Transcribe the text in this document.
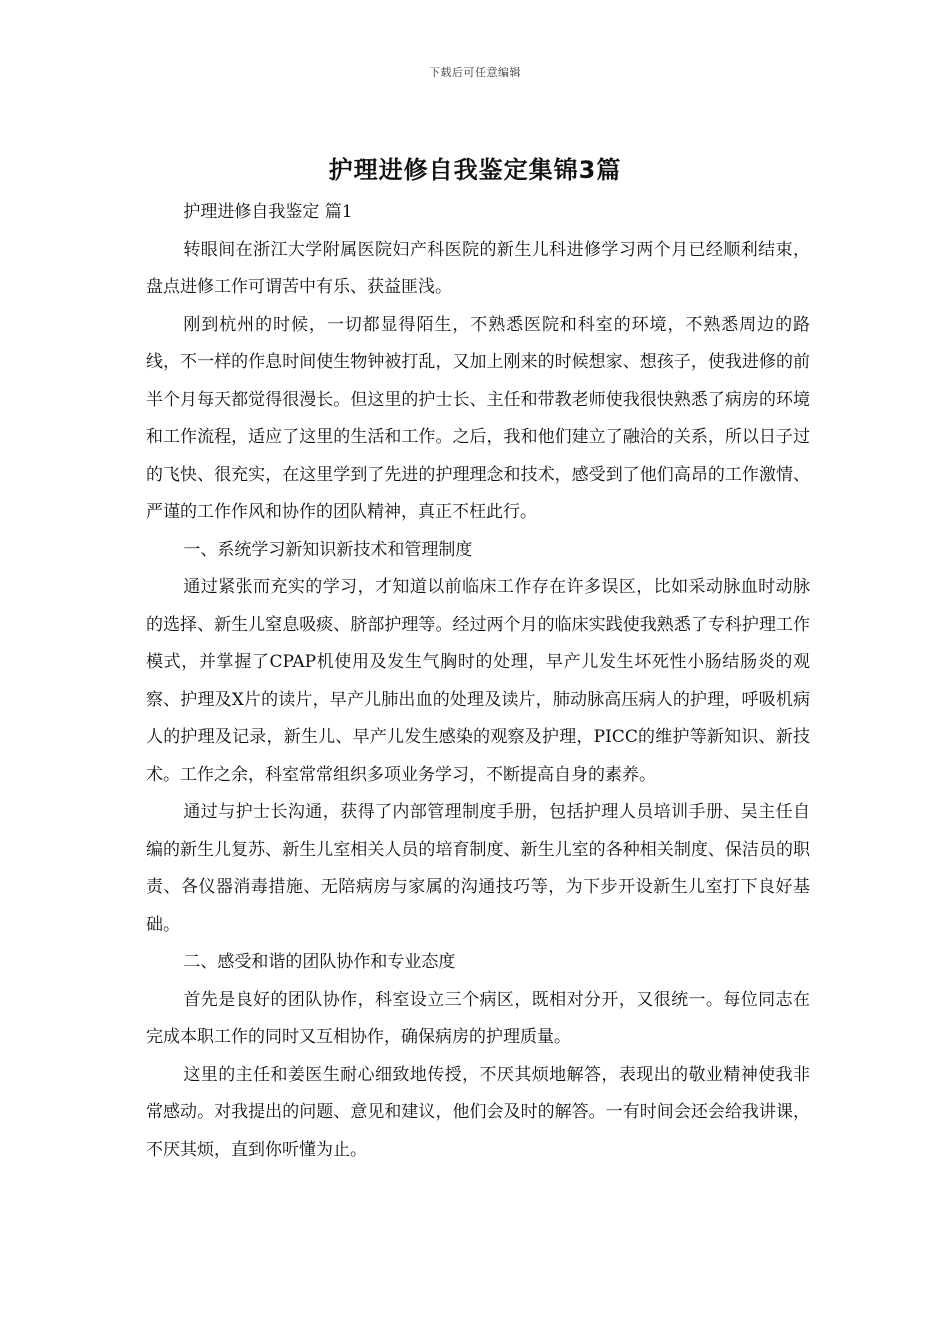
下载后可任意编辑
护理进修自我鉴定集锦3篇

护理进修自我鉴定 篇1

转眼间在浙江大学附属医院妇产科医院的新生儿科进修学习两个月已经顺利结束，盘点进修工作可谓苦中有乐、获益匪浅。

刚到杭州的时候，一切都显得陌生，不熟悉医院和科室的环境，不熟悉周边的路线，不一样的作息时间使生物钟被打乱，又加上刚来的时候想家、想孩子，使我进修的前半个月每天都觉得很漫长。但这里的护士长、主任和带教老师使我很快熟悉了病房的环境和工作流程，适应了这里的生活和工作。之后，我和他们建立了融洽的关系，所以日子过的飞快、很充实，在这里学到了先进的护理理念和技术，感受到了他们高昂的工作激情、严谨的工作作风和协作的团队精神，真正不枉此行。

一、系统学习新知识新技术和管理制度

通过紧张而充实的学习，才知道以前临床工作存在许多误区，比如采动脉血时动脉的选择、新生儿窒息吸痰、脐部护理等。经过两个月的临床实践使我熟悉了专科护理工作模式，并掌握了CPAP机使用及发生气胸时的处理，早产儿发生坏死性小肠结肠炎的观察、护理及X片的读片，早产儿肺出血的处理及读片，肺动脉高压病人的护理，呼吸机病人的护理及记录，新生儿、早产儿发生感染的观察及护理，PICC的维护等新知识、新技术。工作之余，科室常常组织多项业务学习，不断提高自身的素养。

通过与护士长沟通，获得了内部管理制度手册，包括护理人员培训手册、吴主任自编的新生儿复苏、新生儿室相关人员的培育制度、新生儿室的各种相关制度、保洁员的职责、各仪器消毒措施、无陪病房与家属的沟通技巧等，为下步开设新生儿室打下良好基础。

二、感受和谐的团队协作和专业态度

首先是良好的团队协作，科室设立三个病区，既相对分开，又很统一。每位同志在完成本职工作的同时又互相协作，确保病房的护理质量。

这里的主任和姜医生耐心细致地传授，不厌其烦地解答，表现出的敬业精神使我非常感动。对我提出的问题、意见和建议，他们会及时的解答。一有时间会还会给我讲课，不厌其烦，直到你听懂为止。
